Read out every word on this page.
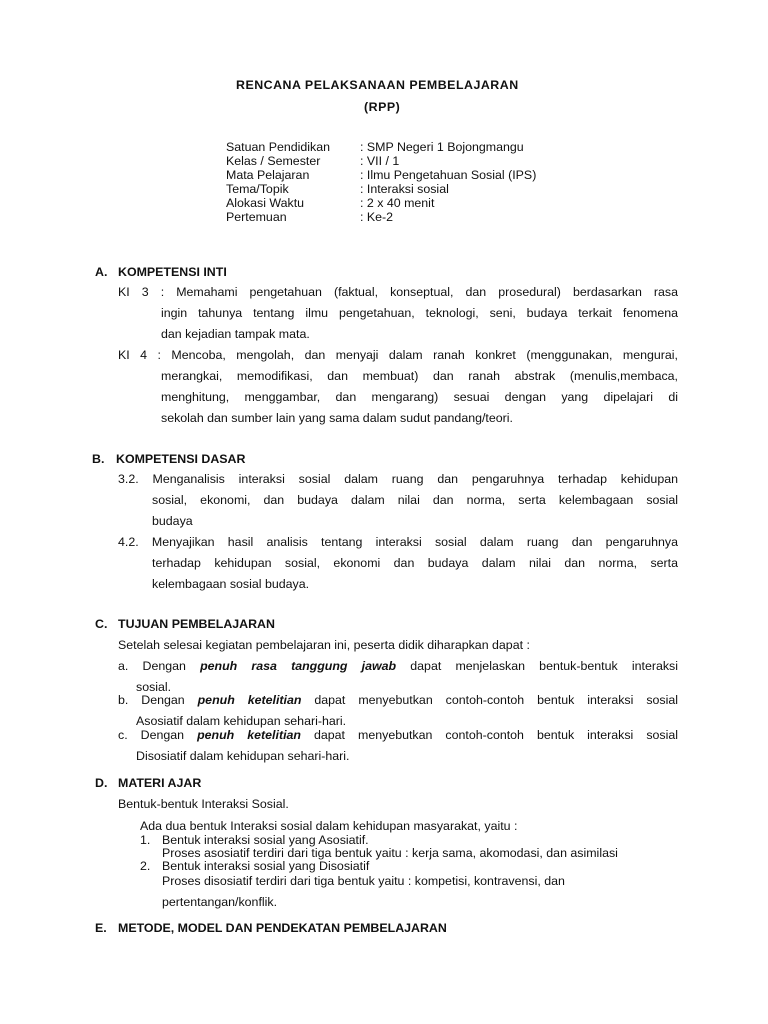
RENCANA PELAKSANAAN PEMBELAJARAN
(RPP)
Satuan Pendidikan : SMP Negeri 1 Bojongmangu
Kelas / Semester	: VII / 1
Mata Pelajaran	: Ilmu Pengetahuan Sosial (IPS)
Tema/Topik	: Interaksi sosial
Alokasi Waktu	: 2 x 40 menit
Pertemuan	: Ke-2
A. KOMPETENSI INTI
KI 3 : Memahami pengetahuan (faktual, konseptual, dan prosedural) berdasarkan rasa
ingin tahunya tentang ilmu pengetahuan, teknologi, seni, budaya terkait fenomena
dan kejadian tampak mata.
KI 4 : Mencoba, mengolah, dan menyaji dalam ranah konkret (menggunakan, mengurai,
merangkai, memodifikasi, dan membuat) dan ranah abstrak (menulis,membaca,
menghitung, menggambar, dan mengarang) sesuai dengan yang dipelajari di
sekolah dan sumber lain yang sama dalam sudut pandang/teori.
B. KOMPETENSI DASAR
3.2. Menganalisis interaksi sosial dalam ruang dan pengaruhnya terhadap kehidupan
sosial, ekonomi, dan budaya dalam nilai dan norma, serta kelembagaan sosial
budaya
4.2. Menyajikan hasil analisis tentang interaksi sosial dalam ruang dan pengaruhnya
terhadap kehidupan sosial, ekonomi dan budaya dalam nilai dan norma, serta
kelembagaan sosial budaya.
C. TUJUAN PEMBELAJARAN
Setelah selesai kegiatan pembelajaran ini, peserta didik diharapkan dapat :
a. Dengan penuh rasa tanggung jawab dapat menjelaskan bentuk-bentuk interaksi
sosial.
b. Dengan penuh ketelitian dapat menyebutkan contoh-contoh bentuk interaksi sosial
Asosiatif dalam kehidupan sehari-hari.
c. Dengan penuh ketelitian dapat menyebutkan contoh-contoh bentuk interaksi sosial
Disosiatif dalam kehidupan sehari-hari.
D. MATERI AJAR
Bentuk-bentuk Interaksi Sosial.
Ada dua bentuk Interaksi sosial dalam kehidupan masyarakat, yaitu :
1. Bentuk interaksi sosial yang Asosiatif.
Proses asosiatif terdiri dari tiga bentuk yaitu : kerja sama, akomodasi, dan asimilasi
2. Bentuk interaksi sosial yang Disosiatif
Proses disosiatif terdiri dari tiga bentuk yaitu : kompetisi, kontravensi, dan
pertentangan/konflik.
E. METODE, MODEL DAN PENDEKATAN PEMBELAJARAN
